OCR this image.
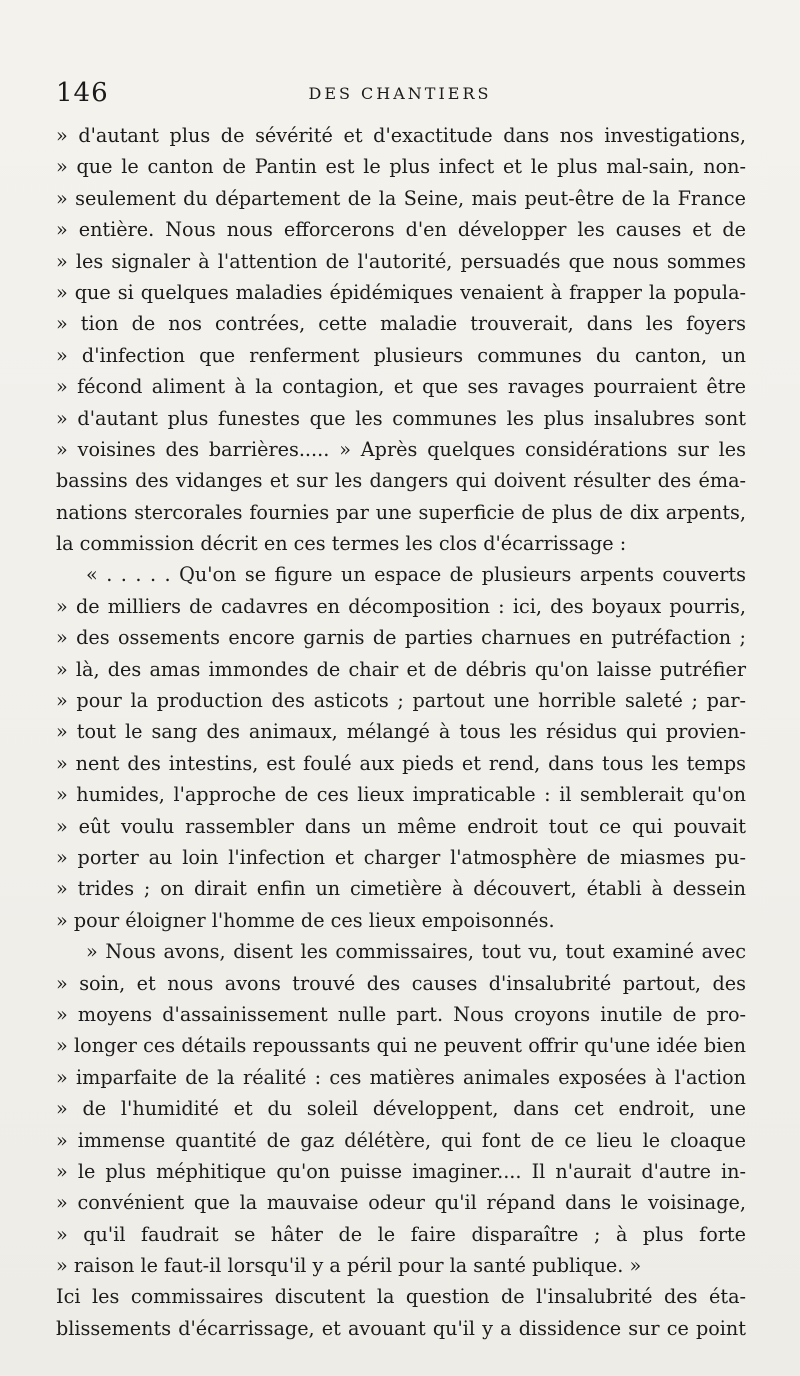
146	DES CHANTIERS
» d'autant plus de sévérité et d'exactitude dans nos investigations,
» que le canton de Pantin est le plus infect et le plus mal-sain, non-
» seulement du département de la Seine, mais peut-être de la France
» entière. Nous nous efforcerons d'en développer les causes et de
» les signaler à l'attention de l'autorité, persuadés que nous sommes
» que si quelques maladies épidémiques venaient à frapper la popula-
» tion de nos contrées, cette maladie trouverait, dans les foyers
» d'infection que renferment plusieurs communes du canton, un
» fécond aliment à la contagion, et que ses ravages pourraient être
» d'autant plus funestes que les communes les plus insalubres sont
» voisines des barrières..... » Après quelques considérations sur les
bassins des vidanges et sur les dangers qui doivent résulter des éma-
nations stercorales fournies par une superficie de plus de dix arpents,
la commission décrit en ces termes les clos d'écarrissage :
« . . . . . Qu'on se figure un espace de plusieurs arpents couverts
» de milliers de cadavres en décomposition : ici, des boyaux pourris,
» des ossements encore garnis de parties charnues en putréfaction ;
» là, des amas immondes de chair et de débris qu'on laisse putréfier
» pour la production des asticots ; partout une horrible saleté ; par-
» tout le sang des animaux, mélangé à tous les résidus qui provien-
» nent des intestins, est foulé aux pieds et rend, dans tous les temps
» humides, l'approche de ces lieux impraticable : il semblerait qu'on
» eût voulu rassembler dans un même endroit tout ce qui pouvait
» porter au loin l'infection et charger l'atmosphère de miasmes pu-
» trides ; on dirait enfin un cimetière à découvert, établi à dessein
» pour éloigner l'homme de ces lieux empoisonnés.
» Nous avons, disent les commissaires, tout vu, tout examiné avec
» soin, et nous avons trouvé des causes d'insalubrité partout, des
» moyens d'assainissement nulle part. Nous croyons inutile de pro-
» longer ces détails repoussants qui ne peuvent offrir qu'une idée bien
» imparfaite de la réalité : ces matières animales exposées à l'action
» de l'humidité et du soleil développent, dans cet endroit, une
» immense quantité de gaz délétère, qui font de ce lieu le cloaque
» le plus méphitique qu'on puisse imaginer.... Il n'aurait d'autre in-
» convénient que la mauvaise odeur qu'il répand dans le voisinage,
» qu'il faudrait se hâter de le faire disparaître ; à plus forte
» raison le faut-il lorsqu'il y a péril pour la santé publique. »
Ici les commissaires discutent la question de l'insalubrité des éta-
blissements d'écarrissage, et avouant qu'il y a dissidence sur ce point
